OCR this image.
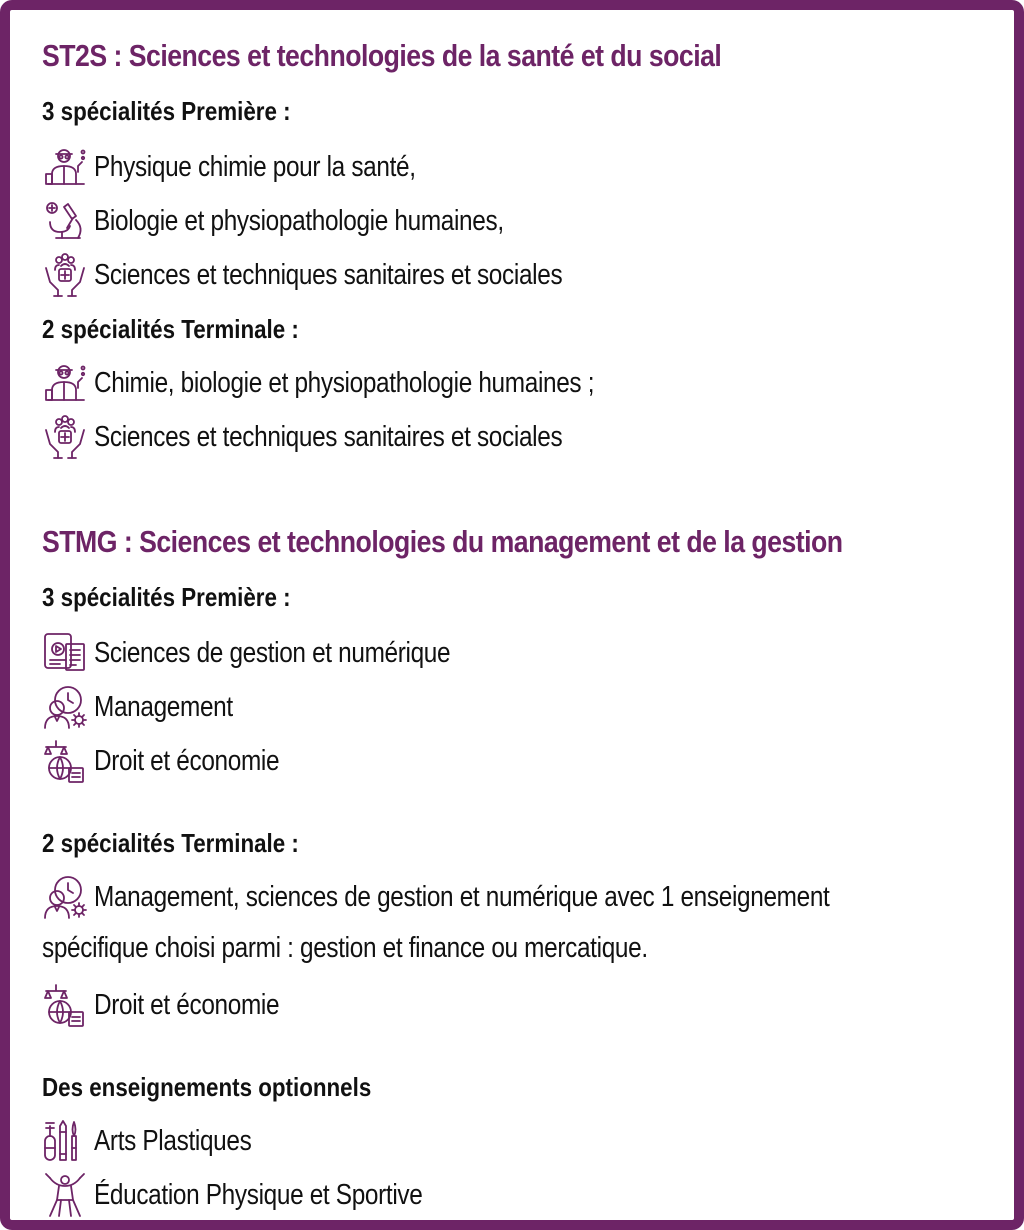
ST2S : Sciences et technologies de la santé et du social
3 spécialités Première :
Physique chimie pour la santé,
Biologie et physiopathologie humaines,
Sciences et techniques sanitaires et sociales
2 spécialités Terminale :
Chimie, biologie et physiopathologie humaines ;
Sciences et techniques sanitaires et sociales
STMG : Sciences et technologies du management et de la gestion
3 spécialités Première :
Sciences de gestion et numérique
Management
Droit et économie
2 spécialités Terminale :
Management, sciences de gestion et numérique avec 1 enseignement
spécifique choisi parmi : gestion et finance ou mercatique.
Droit et économie
Des enseignements optionnels
Arts Plastiques
Éducation Physique et Sportive
